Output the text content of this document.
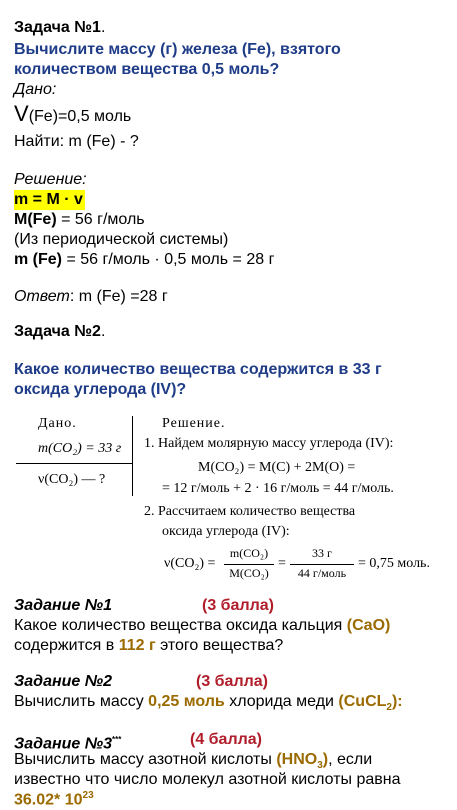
Задача №1.
Вычислите массу (г) железа (Fe), взятого
количеством вещества 0,5 моль?
Дано:
V(Fe)=0,5 моль
Найти: m (Fe) - ?
Решение:
m = M · v
M(Fe) = 56 г/моль
(Из периодической системы)
m (Fe) = 56 г/моль · 0,5 моль = 28 г
Ответ: m (Fe) =28 г
Задача №2.
Какое количество вещества содержится в 33 г
оксида углерода (IV)?
Дано.
m(CO₂) = 33 г
ν(CO₂) — ?
Решение.
1. Найдем молярную массу углерода (IV):
M(CO₂) = M(C) + 2M(O) =
= 12 г/моль + 2 · 16 г/моль = 44 г/моль.
2. Рассчитаем количество вещества
оксида углерода (IV):
ν(CO₂) =
m(CO₂)
M(CO₂)
=
33 г
44 г/моль
= 0,75 моль.
Задание №1	(3 балла)
Какое количество вещества оксида кальция (CaO)
содержится в 112 г этого вещества?
Задание №2	(3 балла)
Вычислить массу 0,25 моль хлорида меди (CuCL$_2$):
Задание №3***	(4 балла)
Вычислить массу азотной кислоты $(HNO_3)$, если
известно что число молекул азотной кислоты равна
36.02* $10^{23}$
